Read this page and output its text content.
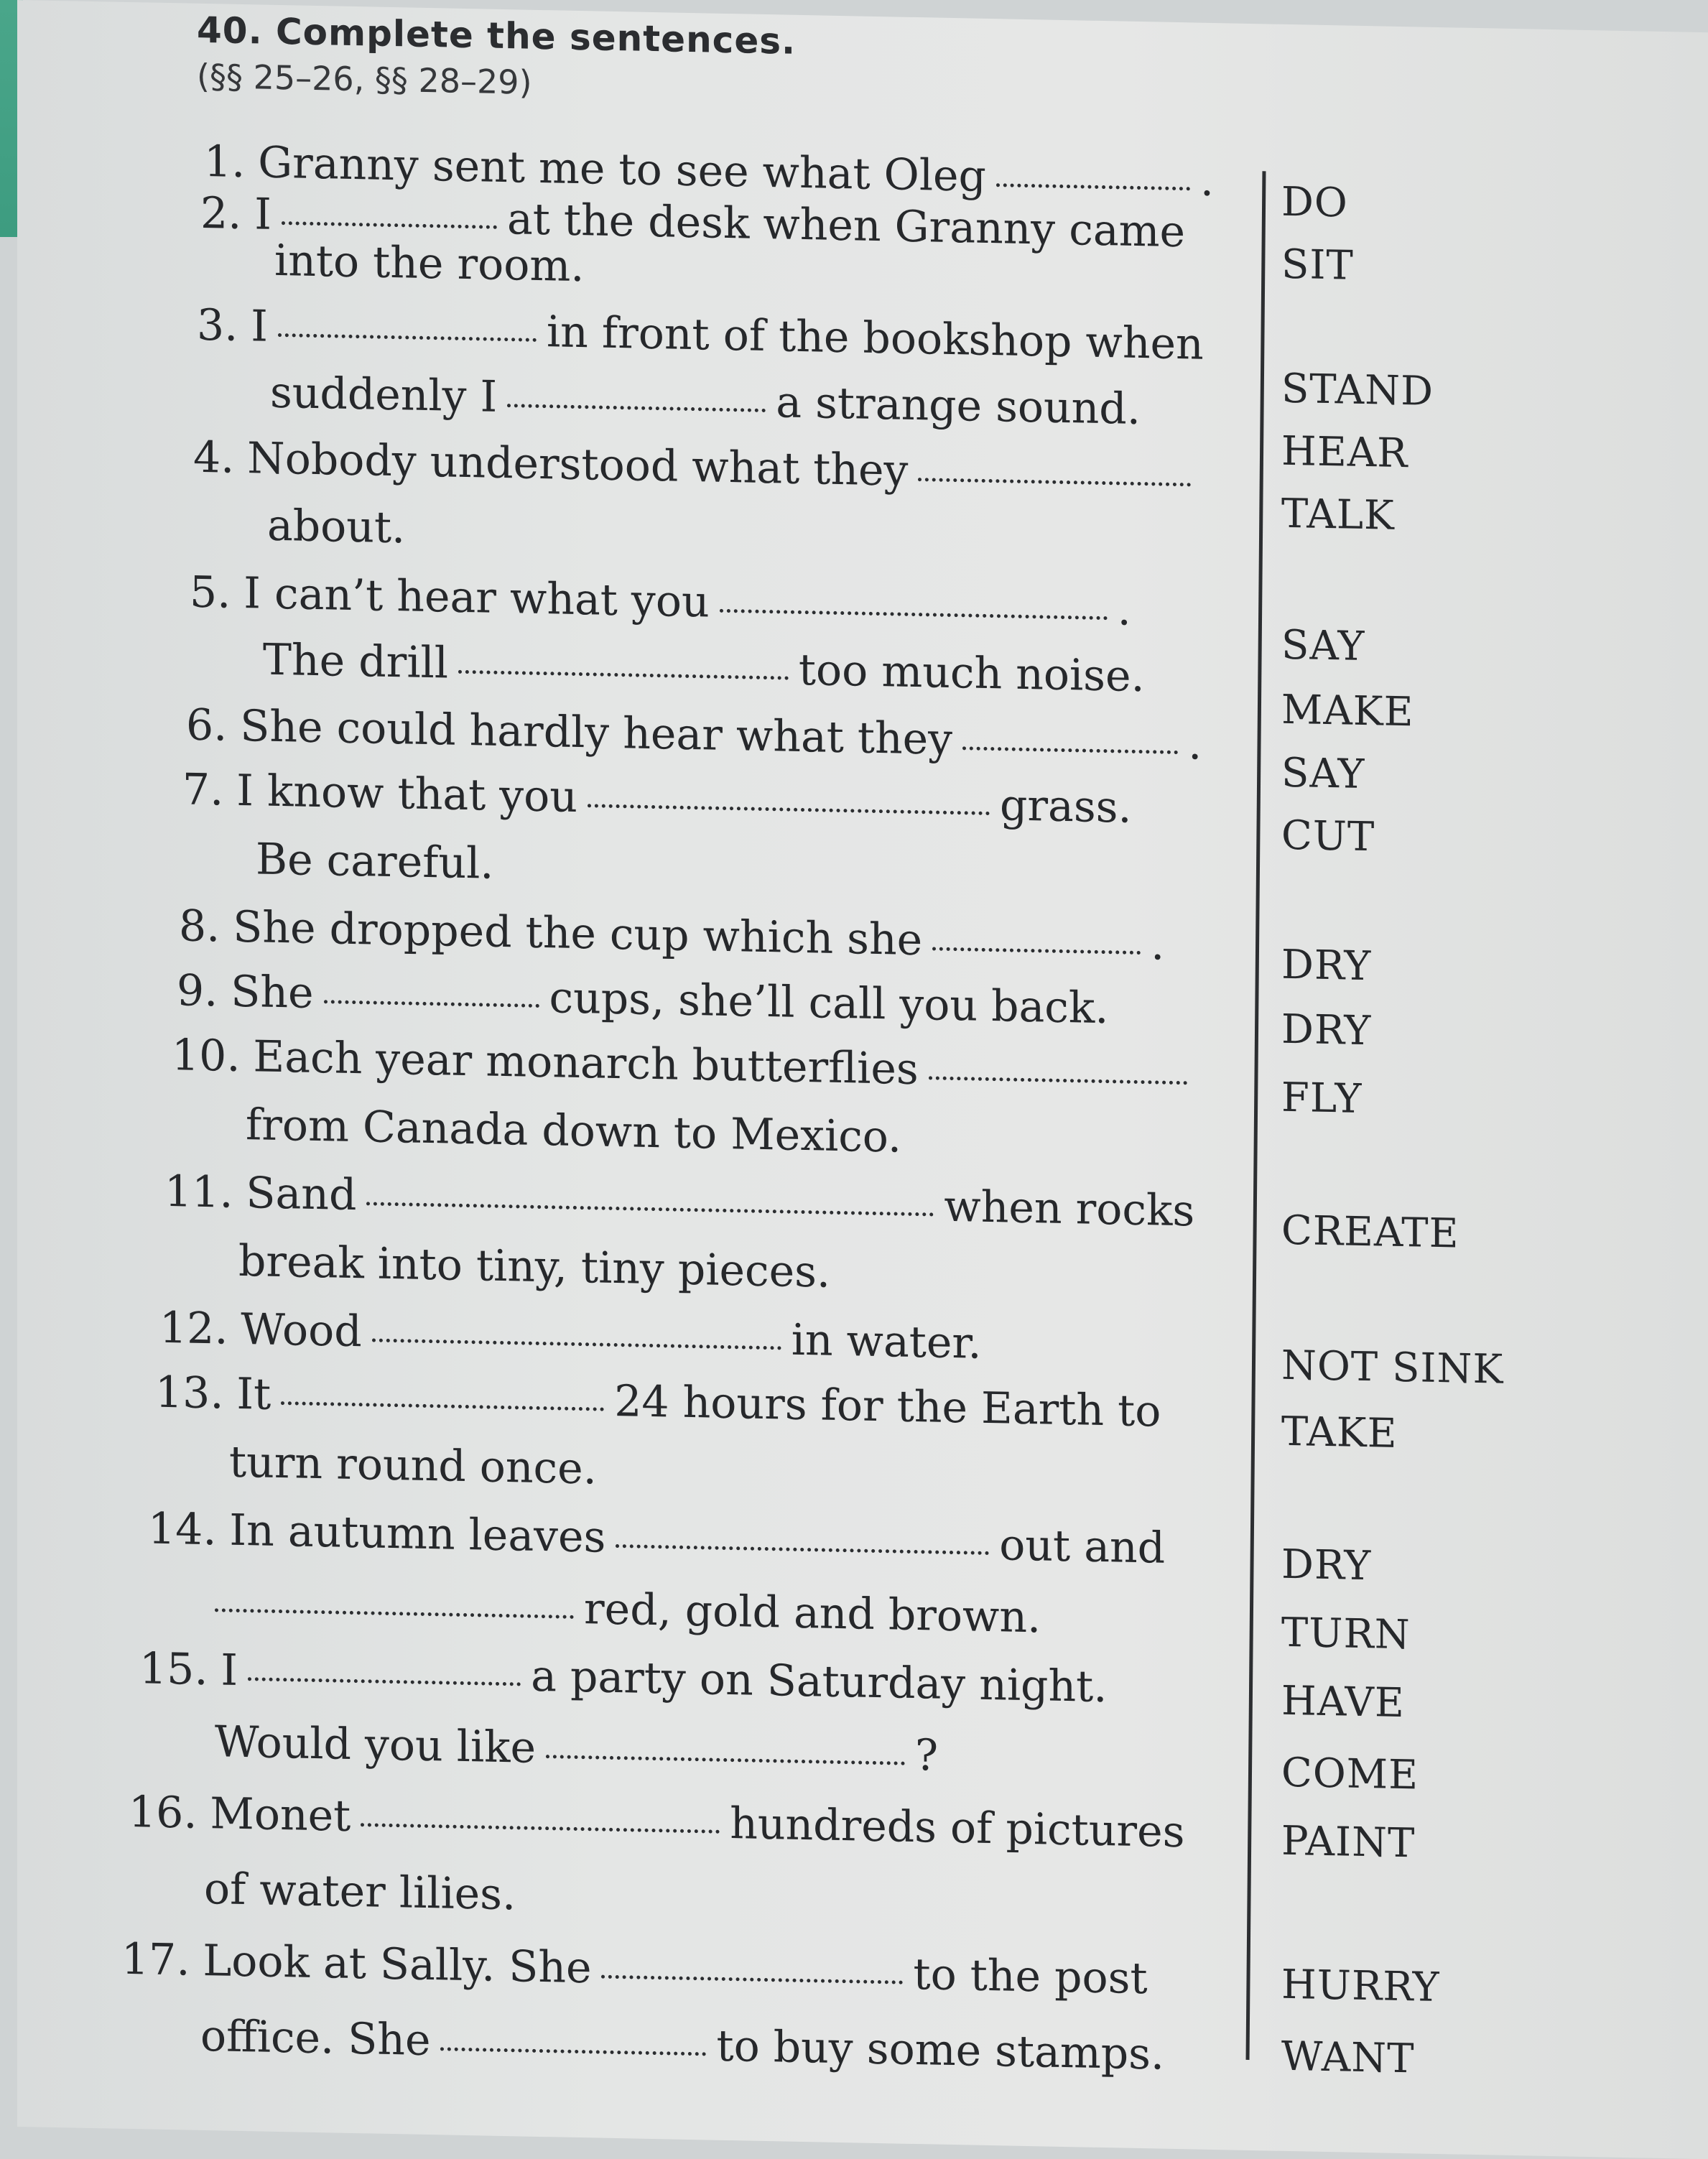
40. Complete the sentences.
(§§ 25–26, §§ 28–29)
1. Granny sent me to see what Oleg	. DO
2. I	at the desk when Granny came
into the room.	SIT
3. I	in front of the bookshop when
suddenly I	a strange sound.	STAND
HEAR
4. Nobody understood what they
about.	TALK
5. I can’t hear what you	.
The drill	too much noise.	SAY
MAKE
6. She could hardly hear what they	.
SAY
7. I know that you	grass.
Be careful.	CUT
8. She dropped the cup which she	.	DRY
9. She	cups, she’ll call you back.	DRY
10. Each year monarch butterflies
from Canada down to Mexico.
FLY
11. Sand	when rocks
break into tiny, tiny pieces.
CREATE
12. Wood	in water.	NOT SINK
13. It	24 hours for the Earth to
turn round once.
TAKE
14. In autumn leaves	out and
red, gold and brown.
DRY
TURN
15. I	a party on Saturday night.
Would you like	?
HAVE
COME
16. Monet	hundreds of pictures
of water lilies.
PAINT
17. Look at Sally. She	to the post
office. She	to buy some stamps.
HURRY
WANT
